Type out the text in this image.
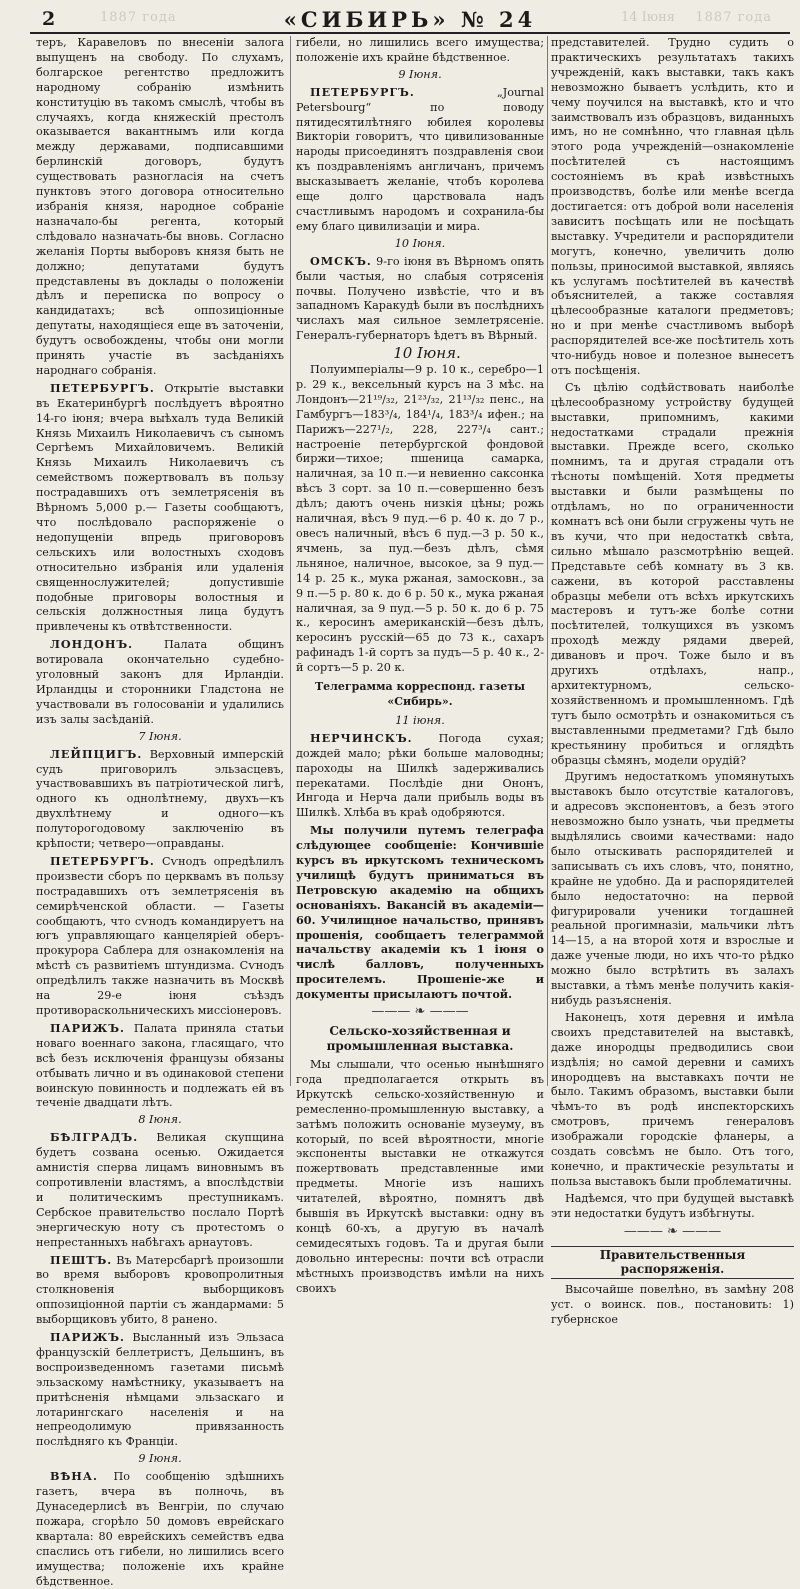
2	1887 года	«СИБИРЬ» № 24	14 Iюня 1887 года

теръ, Каравеловъ по внесенiи залога выпущенъ на свободу. По слухамъ, болгарское регентство предложитъ народному собранiю измѣнить конституцiю въ такомъ смыслѣ, чтобы въ случаяхъ, когда княжескiй престолъ оказывается вакантнымъ или когда между державами, подписавшими берлинскiй договоръ, будутъ существовать разногласiя на счетъ пунктовъ этого договора относительно избранiя князя, народное собранiе назначало-бы регента, который слѣдовало назначать-бы вновь. Согласно желанiя Порты выборовъ князя быть не должно; депутатами будутъ представлены въ доклады о положенiи дѣлъ и переписка по вопросу о кандидатахъ; всѣ оппозицiонные депутаты, находящiеся еще въ заточенiи, будутъ освобождены, чтобы они могли принять участiе въ засѣданiяхъ народнаго собранiя.

ПЕТЕРБУРГЪ. Открытiе выставки въ Екатеринбургѣ послѣдуетъ вѣроятно 14-го iюня; вчера выѣхалъ туда Великiй Князь Михаилъ Николаевичъ съ сыномъ Сергѣемъ Михайловичемъ. Великiй Князь Михаилъ Николаевичъ съ семействомъ пожертвовалъ въ пользу пострадавшихъ отъ землетрясенiя въ Вѣрномъ 5,000 р.— Газеты сообщаютъ, что послѣдовало распоряженiе о недопущенiи впредь приговоровъ сельскихъ или волостныхъ сходовъ относительно избранiя или удаленiя священнослужителей; допустившiе подобные приговоры волостныя и сельскiя должностныя лица будутъ привлечены къ отвѣтственности.

ЛОНДОНЪ. Палата общинъ вотировала окончательно судебно-уголовный законъ для Ирландiи. Ирландцы и сторонники Гладстона не участвовали въ голосованiи и удалились изъ залы засѣданiй.

7 Iюня.

ЛЕЙПЦИГЪ. Верховный имперскiй судъ приговорилъ эльзасцевъ, участвовавшихъ въ патрiотической лигѣ, одного къ однолѣтнему, двухъ—къ двухлѣтнему и одного—къ полуторогодовому заключенiю въ крѣпости; четверо—оправданы.

ПЕТЕРБУРГЪ. Сѵнодъ опредѣлилъ произвести сборъ по церквамъ въ пользу пострадавшихъ отъ землетрясенiя въ семирѣченской области. — Газеты сообщаютъ, что сѵнодъ командируетъ на югъ управляющаго канцелярiей оберъ-прокурора Саблера для ознакомленiя на мѣстѣ съ развитiемъ штундизма. Сѵнодъ опредѣлилъ также назначить въ Москвѣ на 29-е iюня съѣздъ противораскольническихъ миссiонеровъ.

ПАРИЖЪ. Палата приняла статьи новаго военнаго закона, гласящаго, что всѣ безъ исключенiя французы обязаны отбывать лично и въ одинаковой степени воинскую повинность и подлежать ей въ теченiе двадцати лѣтъ.

8 Iюня.

БѢЛГРАДЪ. Великая скупщина будетъ созвана осенью. Ожидается амнистiя сперва лицамъ виновнымъ въ сопротивленiи властямъ, а впослѣдствiи и политическимъ преступникамъ. Сербское правительство послало Портѣ энергическую ноту съ протестомъ о непрестанныхъ набѣгахъ арнаутовъ.

ПЕШТЪ. Въ Матерсбаргѣ произошли во время выборовъ кровопролитныя столкновенiя выборщиковъ оппозицiонной партiи съ жандармами: 5 выборщиковъ убито, 8 ранено.

ПАРИЖЪ. Высланный изъ Эльзаса французскiй беллетристъ, Дельшинъ, въ воспроизведенномъ газетами письмѣ эльзаскому намѣстнику, указываетъ на притѣсненiя нѣмцами эльзаскаго и лотарингскаго населенiя и на непреодолимую привязанность послѣдняго къ Францiи.

9 Iюня.

ВѢНА. По сообщенiю здѣшнихъ газетъ, вчера въ полночь, въ Дунаседерлисѣ въ Венгрiи, по случаю пожара, сгорѣло 50 домовъ еврейскаго квартала: 80 еврейскихъ семействъ едва спаслись отъ гибели, но лишились всего имущества; положенiе ихъ крайне бѣдственное.

гибели, но лишились всего имущества; положенiе ихъ крайне бѣдственное.

9 Iюня.

ПЕТЕРБУРГЪ. „Journal Petersbourg“ по поводу пятидесятилѣтняго юбилея королевы Викторiи говоритъ, что цивилизованные народы присоединятъ поздравленiя свои къ поздравленiямъ англичанъ, причемъ высказываетъ желанiе, чтобъ королева еще долго царствовала надъ счастливымъ народомъ и сохранила-бы ему благо цивилизацiи и мира.

10 Iюня.

ОМСКЪ. 9-го iюня въ Вѣрномъ опять были частыя, но слабыя сотрясенiя почвы. Получено извѣстiе, что и въ западномъ Каракудѣ были въ послѣднихъ числахъ мая сильное землетрясенiе. Генералъ-губернаторъ ѣдетъ въ Вѣрный.

10 Iюня.

Полуимперiалы—9 р. 10 к., серебро—1 р. 29 к., вексельный курсъ на 3 мѣс. на Лондонъ—21¹⁹/₃₂, 21²³/₃₂, 21¹³/₃₂ пенс., на Гамбургъ—183³/₄, 184¹/₄, 183³/₄ ифен.; на Парижъ—227¹/₂, 228, 227³/₄ сант.; настроенiе петербургской фондовой биржи—тихое; пшеница самарка, наличная, за 10 п.—и невиенно саксонка вѣсъ 3 сорт. за 10 п.—совершенно безъ дѣлъ; даютъ очень низкiя цѣны; рожь наличная, вѣсъ 9 пуд.—6 р. 40 к. до 7 р., овесъ наличный, вѣсъ 6 пуд.—3 р. 50 к., ячмень, за пуд.—безъ дѣлъ, сѣмя льняное, наличное, высокое, за 9 пуд.—14 р. 25 к., мука ржаная, замосковн., за 9 п.—5 р. 80 к. до 6 р. 50 к., мука ржаная наличная, за 9 пуд.—5 р. 50 к. до 6 р. 75 к., керосинъ американскiй—безъ дѣлъ, керосинъ русскiй—65 до 73 к., сахаръ рафинадъ 1-й сортъ за пудъ—5 р. 40 к., 2-й сортъ—5 р. 20 к.

Телеграмма корреспонд. газеты «Сибирь».

11 iюня.

НЕРЧИНСКЪ. Погода сухая; дождей мало; рѣки больше маловодны; пароходы на Шилкѣ задерживались перекатами. Послѣдiе дни Ононъ, Ингода и Нерча дали прибыль воды въ Шилкѣ. Хлѣба въ краѣ одобряются.

Мы получили путемъ телеграфа слѣдующее сообщенiе: Кончившiе курсъ въ иркутскомъ техническомъ училищѣ будутъ приниматься въ Петровскую академiю на общихъ основанiяхъ. Вакансiй въ академiи—60. Училищное начальство, принявъ прошенiя, сообщаетъ телеграммой начальству академiи къ 1 iюня о числѣ балловъ, полученныхъ просителемъ. Прошенiе-же и документы присылаютъ почтой.

——— ❧ ———
Сельско-хозяйственная и промышленная выставка.

Мы слышали, что осенью нынѣшняго года предполагается открыть въ Иркутскѣ сельско-хозяйственную и ремесленно-промышленную выставку, а затѣмъ положить основанiе музеуму, въ который, по всей вѣроятности, многiе экспоненты выставки не откажутся пожертвовать представленные ими предметы. Многiе изъ нашихъ читателей, вѣроятно, помнятъ двѣ бывшiя въ Иркутскѣ выставки: одну въ концѣ 60-хъ, а другую въ началѣ семидесятыхъ годовъ. Та и другая были довольно интересны: почти всѣ отрасли мѣстныхъ производствъ имѣли на нихъ своихъ

представителей. Трудно судить о практическихъ результатахъ такихъ учрежденiй, какъ выставки, такъ какъ невозможно бываетъ услѣдить, кто и чему поучился на выставкѣ, кто и что заимствовалъ изъ образцовъ, виданныхъ имъ, но не сомнѣнно, что главная цѣль этого рода учрежденiй—ознакомленiе посѣтителей съ настоящимъ состоянiемъ въ краѣ извѣстныхъ производствъ, болѣе или менѣе всегда достигается: отъ доброй воли населенiя зависитъ посѣщать или не посѣщать выставку. Учредители и распорядители могутъ, конечно, увеличить долю пользы, приносимой выставкой, являясь къ услугамъ посѣтителей въ качествѣ объяснителей, а также составляя цѣлесообразные каталоги предметовъ; но и при менѣе счастливомъ выборѣ распорядителей все-же посѣтитель хоть что-нибудь новое и полезное вынесетъ отъ посѣщенiя.

Съ цѣлiю содѣйствовать наиболѣе цѣлесообразному устройству будущей выставки, припомнимъ, какими недостатками страдали прежнiя выставки. Прежде всего, сколько помнимъ, та и другая страдали отъ тѣсноты помѣщенiй. Хотя предметы выставки и были размѣщены по отдѣламъ, но по ограниченности комнатъ всѣ они были сгружены чуть не въ кучи, что при недостаткѣ свѣта, сильно мѣшало разсмотрѣнiю вещей. Представьте себѣ комнату въ 3 кв. сажени, въ которой расставлены образцы мебели отъ всѣхъ иркутскихъ мастеровъ и тутъ-же болѣе сотни посѣтителей, толкущихся въ узкомъ проходѣ между рядами дверей, дивановъ и проч. Тоже было и въ другихъ отдѣлахъ, напр., архитектурномъ, сельско-хозяйственномъ и промышленномъ. Гдѣ тутъ было осмотрѣть и ознакомиться съ выставленными предметами? Гдѣ было крестьянину пробиться и оглядѣть образцы сѣмянъ, модели орудiй?

Другимъ недостаткомъ упомянутыхъ выставокъ было отсутствiе каталоговъ, и адресовъ экспонентовъ, а безъ этого невозможно было узнать, чьи предметы выдѣлялись своими качествами: надо было отыскивать распорядителей и записывать съ ихъ словъ, что, понятно, крайне не удобно. Да и распорядителей было недостаточно: на первой фигурировали ученики тогдашней реальной прогимназiи, мальчики лѣтъ 14—15, а на второй хотя и взрослые и даже ученые люди, но ихъ что-то рѣдко можно было встрѣтить въ залахъ выставки, а тѣмъ менѣе получить какiя-нибудь разъясненiя.

Наконецъ, хотя деревня и имѣла своихъ представителей на выставкѣ, даже инородцы предводились свои издѣлiя; но самой деревни и самихъ инородцевъ на выставкахъ почти не было. Такимъ образомъ, выставки были чѣмъ-то въ родѣ инспекторскихъ смотровъ, причемъ генераловъ изображали городскiе фланеры, а создать совсѣмъ не было. Отъ того, конечно, и практическiе результаты и польза выставокъ были проблематичны.

Надѣемся, что при будущей выставкѣ эти недостатки будутъ избѣгнуты.

——— ❧ ———
Правительственныя распоряженiя.

Высочайше повелѣно, въ замѣну 208 уст. о воинск. пов., постановить: 1) губернское
